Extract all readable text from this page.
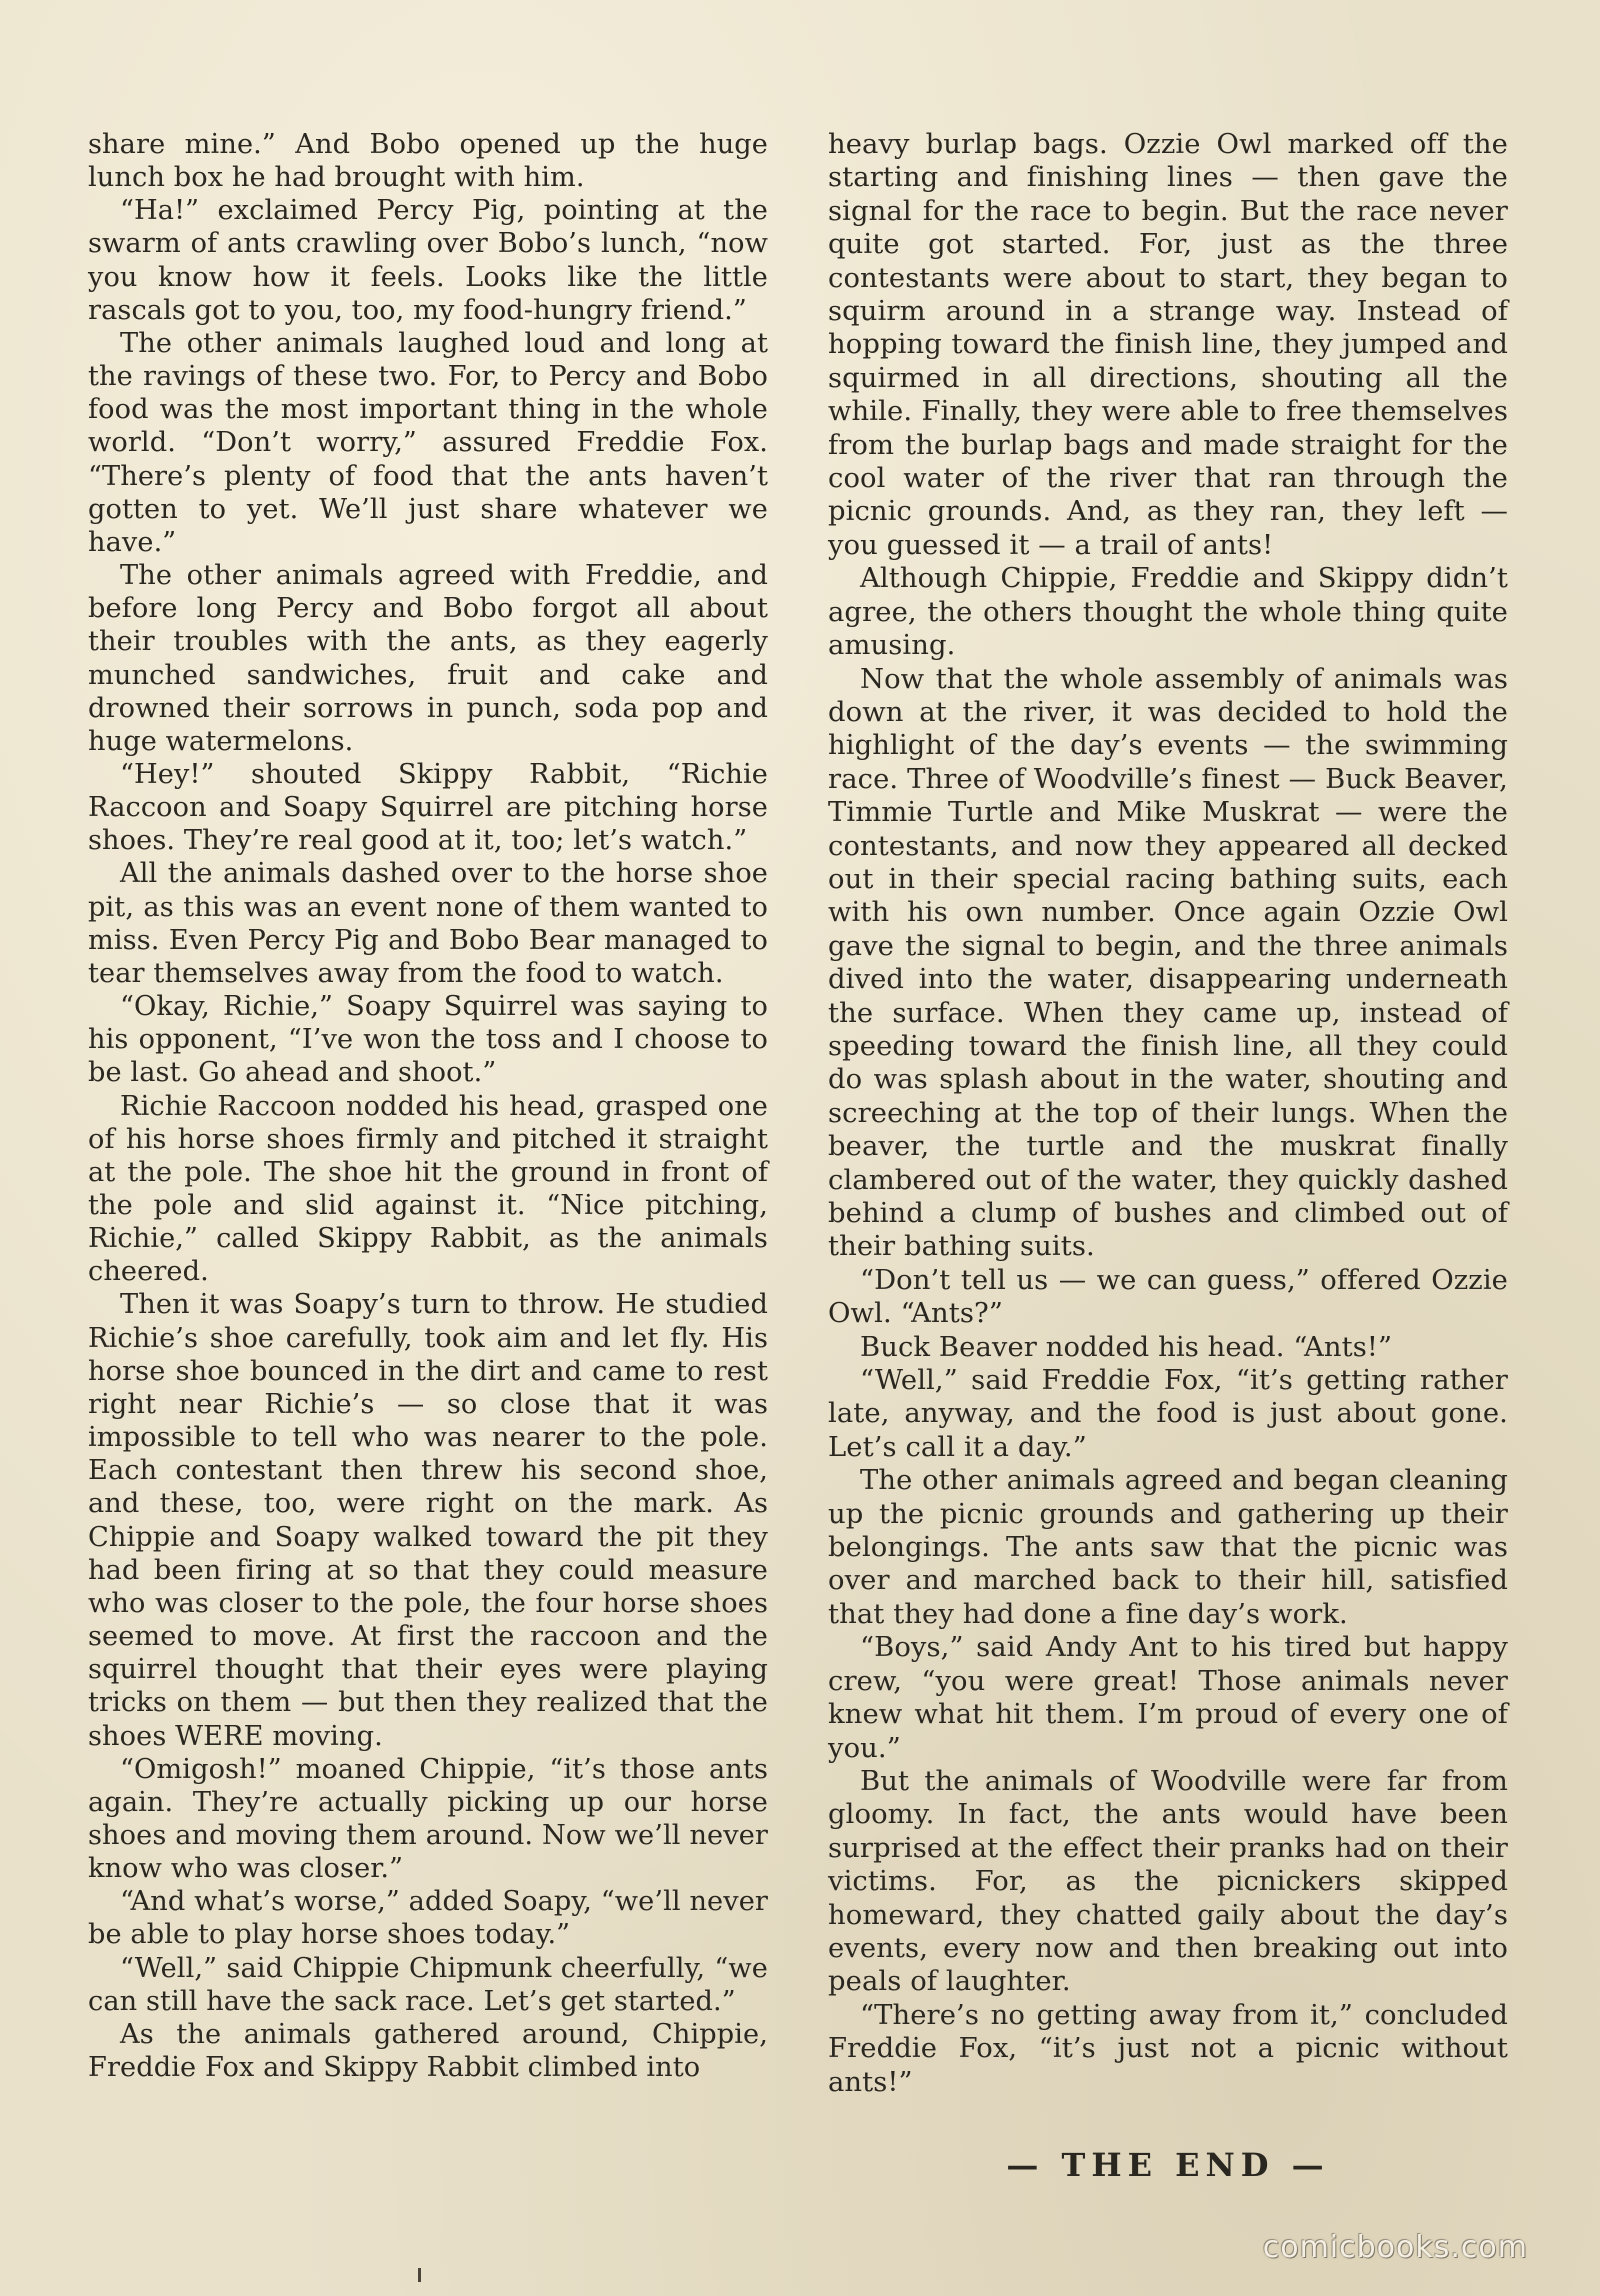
share mine.” And Bobo opened up the huge lunch box he had brought with him.

“Ha!” exclaimed Percy Pig, pointing at the swarm of ants crawling over Bobo’s lunch, “now you know how it feels. Looks like the little rascals got to you, too, my food-hungry friend.”

The other animals laughed loud and long at the ravings of these two. For, to Percy and Bobo food was the most important thing in the whole world. “Don’t worry,” assured Freddie Fox. “There’s plenty of food that the ants haven’t gotten to yet. We’ll just share whatever we have.”

The other animals agreed with Freddie, and before long Percy and Bobo forgot all about their troubles with the ants, as they eagerly munched sandwiches, fruit and cake and drowned their sorrows in punch, soda pop and huge watermelons.

“Hey!” shouted Skippy Rabbit, “Richie Raccoon and Soapy Squirrel are pitching horse shoes. They’re real good at it, too; let’s watch.”

All the animals dashed over to the horse shoe pit, as this was an event none of them wanted to miss. Even Percy Pig and Bobo Bear managed to tear themselves away from the food to watch.

“Okay, Richie,” Soapy Squirrel was saying to his opponent, “I’ve won the toss and I choose to be last. Go ahead and shoot.”

Richie Raccoon nodded his head, grasped one of his horse shoes firmly and pitched it straight at the pole. The shoe hit the ground in front of the pole and slid against it. “Nice pitching, Richie,” called Skippy Rabbit, as the animals cheered.

Then it was Soapy’s turn to throw. He studied Richie’s shoe carefully, took aim and let fly. His horse shoe bounced in the dirt and came to rest right near Richie’s — so close that it was impossible to tell who was nearer to the pole. Each contestant then threw his second shoe, and these, too, were right on the mark. As Chippie and Soapy walked toward the pit they had been firing at so that they could measure who was closer to the pole, the four horse shoes seemed to move. At first the raccoon and the squirrel thought that their eyes were playing tricks on them — but then they realized that the shoes WERE moving.

“Omigosh!” moaned Chippie, “it’s those ants again. They’re actually picking up our horse shoes and moving them around. Now we’ll never know who was closer.”

“And what’s worse,” added Soapy, “we’ll never be able to play horse shoes today.”

“Well,” said Chippie Chipmunk cheerfully, “we can still have the sack race. Let’s get started.”

As the animals gathered around, Chippie, Freddie Fox and Skippy Rabbit climbed into

heavy burlap bags. Ozzie Owl marked off the starting and finishing lines — then gave the signal for the race to begin. But the race never quite got started. For, just as the three contestants were about to start, they began to squirm around in a strange way. Instead of hopping toward the finish line, they jumped and squirmed in all directions, shouting all the while. Finally, they were able to free themselves from the burlap bags and made straight for the cool water of the river that ran through the picnic grounds. And, as they ran, they left — you guessed it — a trail of ants!

Although Chippie, Freddie and Skippy didn’t agree, the others thought the whole thing quite amusing.

Now that the whole assembly of animals was down at the river, it was decided to hold the highlight of the day’s events — the swimming race. Three of Woodville’s finest — Buck Beaver, Timmie Turtle and Mike Muskrat — were the contestants, and now they appeared all decked out in their special racing bathing suits, each with his own number. Once again Ozzie Owl gave the signal to begin, and the three animals dived into the water, disappearing underneath the surface. When they came up, instead of speeding toward the finish line, all they could do was splash about in the water, shouting and screeching at the top of their lungs. When the beaver, the turtle and the muskrat finally clambered out of the water, they quickly dashed behind a clump of bushes and climbed out of their bathing suits.

“Don’t tell us — we can guess,” offered Ozzie Owl. “Ants?”

Buck Beaver nodded his head. “Ants!”

“Well,” said Freddie Fox, “it’s getting rather late, anyway, and the food is just about gone. Let’s call it a day.”

The other animals agreed and began cleaning up the picnic grounds and gathering up their belongings. The ants saw that the picnic was over and marched back to their hill, satisfied that they had done a fine day’s work.

“Boys,” said Andy Ant to his tired but happy crew, “you were great! Those animals never knew what hit them. I’m proud of every one of you.”

But the animals of Woodville were far from gloomy. In fact, the ants would have been surprised at the effect their pranks had on their victims. For, as the picnickers skipped homeward, they chatted gaily about the day’s events, every now and then breaking out into peals of laughter.

“There’s no getting away from it,” concluded Freddie Fox, “it’s just not a picnic without ants!”

— THE END —
comicbooks.com
